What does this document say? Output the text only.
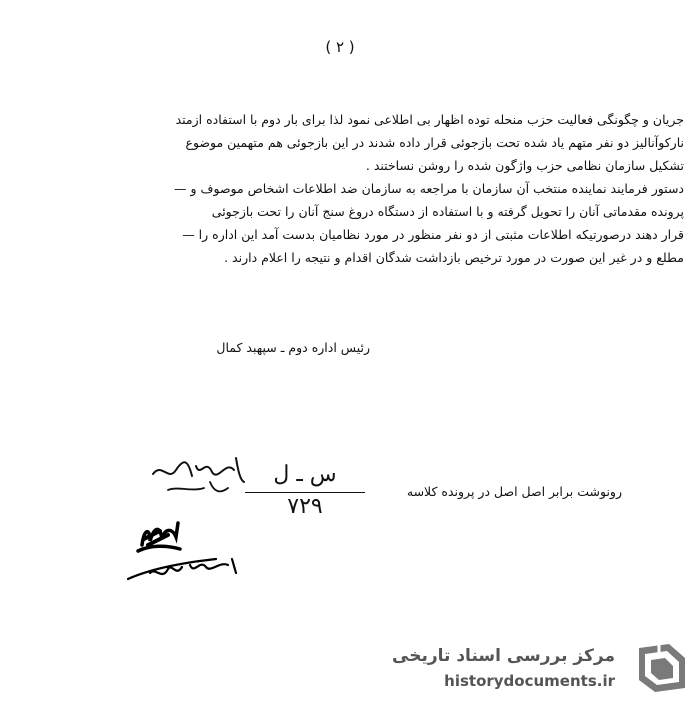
( ۲ )
جریان و چگونگی فعالیت حزب منحله توده اظهار بی اطلاعی نمود لذا برای بار دوم با استفاده ازمتد
نارکوآنالیز دو نفر متهم یاد شده تحت بازجوئی قرار داده شدند در این بازجوئی هم متهمین موضوع
تشکیل سازمان نظامی حزب واژگون شده را روشن نساختند .
دستور فرمایند نماینده منتخب آن سازمان با مراجعه به سازمان ضد اطلاعات اشخاص موصوف و —
پرونده مقدماتی آنان را تحویل گرفته و با استفاده از دستگاه دروغ سنج آنان را تحت بازجوئی
قرار دهند درصورتیکه اطلاعات مثبتی از دو نفر منظور در مورد نظامیان بدست آمد این اداره را —
مطلع و در غیر این صورت در مورد ترخیص بازداشت شدگان اقدام و نتیجه را اعلام دارند .
رئیس اداره دوم ـ سپهبد کمال
س ـ ل
۷۲۹
رونوشت برابر اصل اصل در پرونده کلاسه
مرکز بررسی اسناد تاریخی
historydocuments.ir
